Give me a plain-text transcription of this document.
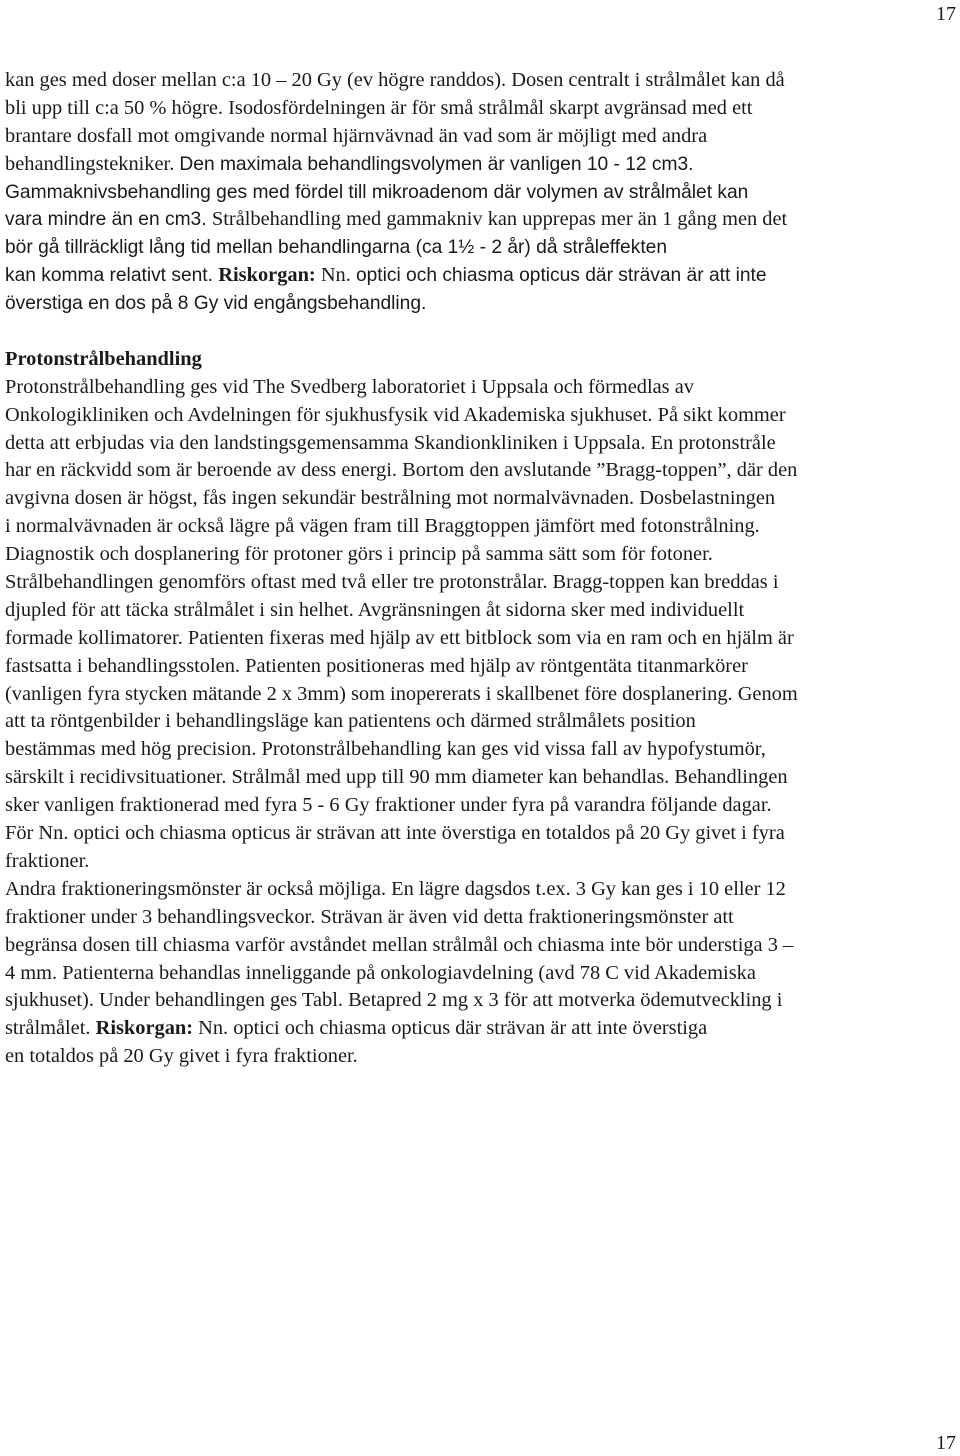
17
kan ges med doser mellan c:a 10 – 20 Gy (ev högre randdos). Dosen centralt i strålmålet kan då
bli upp till c:a 50 % högre. Isodosfördelningen är för små strålmål skarpt avgränsad med ett
brantare dosfall mot omgivande normal hjärnvävnad än vad som är möjligt med andra
behandlingstekniker. Den maximala behandlingsvolymen är vanligen 10 - 12 cm3.
Gammaknivsbehandling ges med fördel till mikroadenom där volymen av strålmålet kan
vara mindre än en cm3. Strålbehandling med gammakniv kan upprepas mer än 1 gång men det
bör gå tillräckligt lång tid mellan behandlingarna (ca 1½ - 2 år) då stråleffekten
kan komma relativt sent. Riskorgan: Nn. optici och chiasma opticus där strävan är att inte
överstiga en dos på 8 Gy vid engångsbehandling.
Protonstrålbehandling
Protonstrålbehandling ges vid The Svedberg laboratoriet i Uppsala och förmedlas av
Onkologikliniken och Avdelningen för sjukhusfysik vid Akademiska sjukhuset. På sikt kommer
detta att erbjudas via den landstingsgemensamma Skandionkliniken i Uppsala. En protonstråle
har en räckvidd som är beroende av dess energi. Bortom den avslutande ”Bragg-toppen”, där den
avgivna dosen är högst, fås ingen sekundär bestrålning mot normalvävnaden. Dosbelastningen
i normalvävnaden är också lägre på vägen fram till Braggtoppen jämfört med fotonstrålning.
Diagnostik och dosplanering för protoner görs i princip på samma sätt som för fotoner.
Strålbehandlingen genomförs oftast med två eller tre protonstrålar. Bragg-toppen kan breddas i
djupled för att täcka strålmålet i sin helhet. Avgränsningen åt sidorna sker med individuellt
formade kollimatorer. Patienten fixeras med hjälp av ett bitblock som via en ram och en hjälm är
fastsatta i behandlingsstolen. Patienten positioneras med hjälp av röntgentäta titanmarkörer
(vanligen fyra stycken mätande 2 x 3mm) som inopererats i skallbenet före dosplanering. Genom
att ta röntgenbilder i behandlingsläge kan patientens och därmed strålmålets position
bestämmas med hög precision. Protonstrålbehandling kan ges vid vissa fall av hypofystumör,
särskilt i recidivsituationer. Strålmål med upp till 90 mm diameter kan behandlas. Behandlingen
sker vanligen fraktionerad med fyra 5 - 6 Gy fraktioner under fyra på varandra följande dagar.
För Nn. optici och chiasma opticus är strävan att inte överstiga en totaldos på 20 Gy givet i fyra
fraktioner.
Andra fraktioneringsmönster är också möjliga. En lägre dagsdos t.ex. 3 Gy kan ges i 10 eller 12
fraktioner under 3 behandlingsveckor. Strävan är även vid detta fraktioneringsmönster att
begränsa dosen till chiasma varför avståndet mellan strålmål och chiasma inte bör understiga 3 –
4 mm. Patienterna behandlas inneliggande på onkologiavdelning (avd 78 C vid Akademiska
sjukhuset). Under behandlingen ges Tabl. Betapred 2 mg x 3 för att motverka ödemutveckling i
strålmålet. Riskorgan: Nn. optici och chiasma opticus där strävan är att inte överstiga
en totaldos på 20 Gy givet i fyra fraktioner.
17
